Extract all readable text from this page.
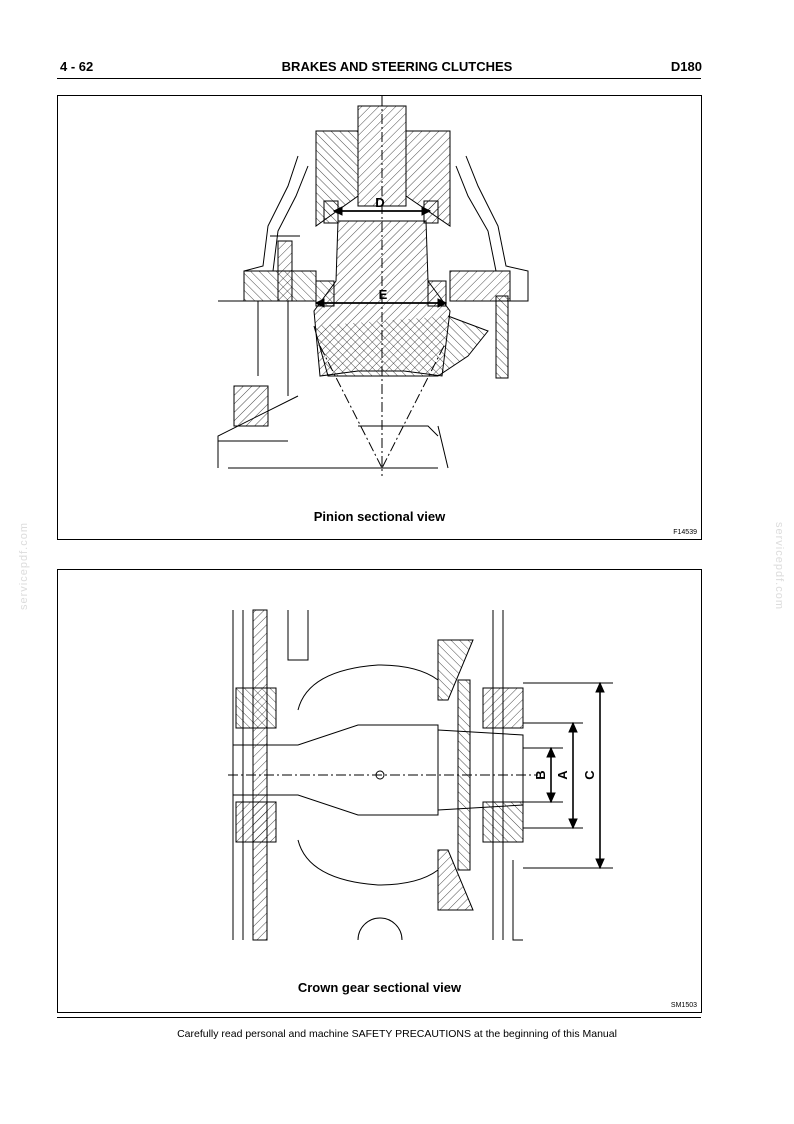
4 - 62	BRAKES AND STEERING CLUTCHES	D180
servicepdf.com	servicepdf.com
D
E
Pinion sectional view
F14539
B A C
Crown gear sectional view
SM1503
Carefully read personal and machine SAFETY PRECAUTIONS at the beginning of this Manual
